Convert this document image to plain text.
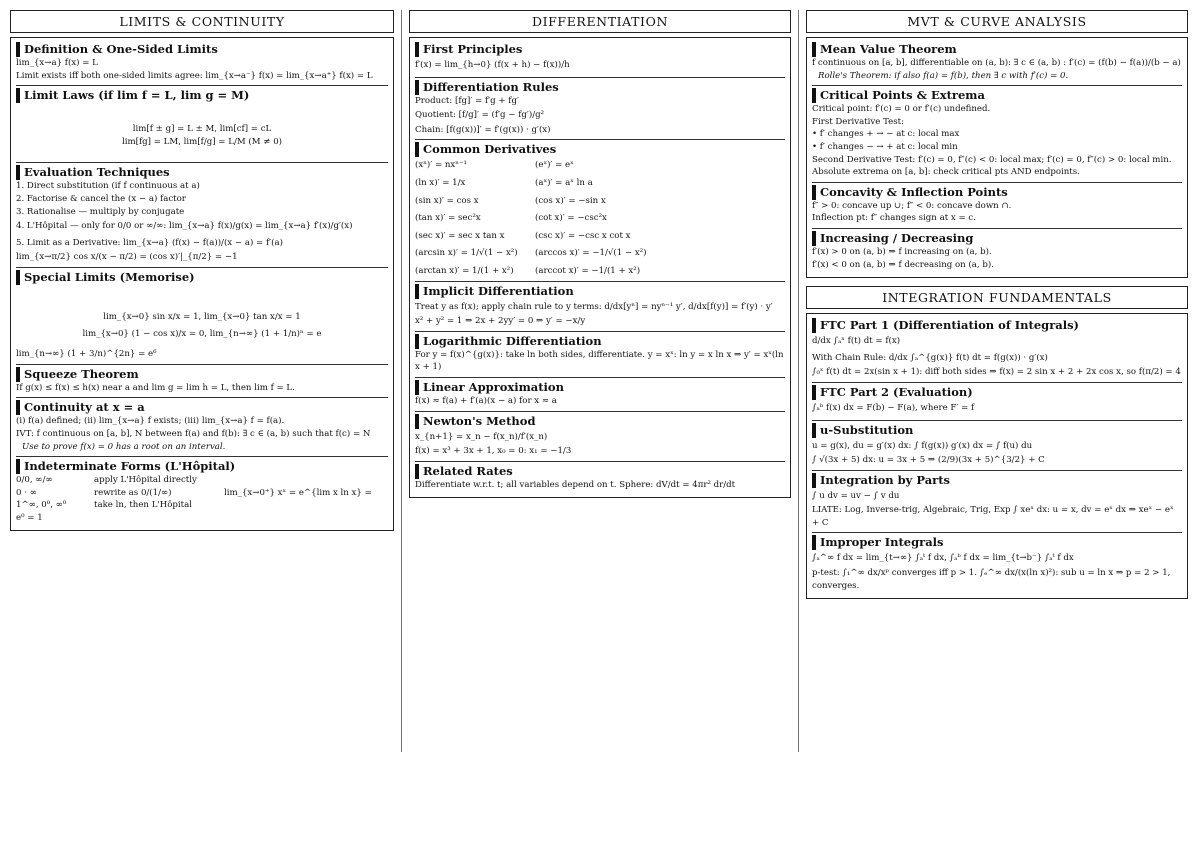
LIMITS & CONTINUITY
Definition & One-Sided Limits
lim_{x→a} f(x) = L
Limit exists iff both one-sided limits agree: lim_{x→a⁻} f(x) = lim_{x→a⁺} f(x) = L
Limit Laws (if lim f = L, lim g = M)
lim[f ± g] = L ± M, lim[cf] = cL
lim[fg] = LM, lim[f/g] = L/M (M ≠ 0)
Evaluation Techniques
1. Direct substitution (if f continuous at a)
2. Factorise & cancel the (x − a) factor
3. Rationalise — multiply by conjugate
4. L'Hôpital — only for 0/0 or ∞/∞: lim_{x→a} f(x)/g(x) = lim_{x→a} f′(x)/g′(x)
5. Limit as a Derivative: lim_{x→a} (f(x) − f(a))/(x − a) = f′(a)
lim_{x→π/2} cos x/(x − π/2) = (cos x)′|_{π/2} = −1
Special Limits (Memorise)
lim_{x→0} sin x/x = 1, lim_{x→0} tan x/x = 1
lim_{x→0} (1 − cos x)/x = 0, lim_{n→∞} (1 + 1/n)ⁿ = e
lim_{n→∞} (1 + 3/n)^{2n} = e⁶
Squeeze Theorem
If g(x) ≤ f(x) ≤ h(x) near a and lim g = lim h = L, then lim f = L.
Continuity at x = a
(i) f(a) defined; (ii) lim_{x→a} f exists; (iii) lim_{x→a} f = f(a).
IVT: f continuous on [a, b], N between f(a) and f(b): ∃ c ∈ (a, b) such that f(c) = N
Use to prove f(x) = 0 has a root on an interval.
Indeterminate Forms (L'Hôpital)
0/0, ∞/∞	apply L'Hôpital directly
0 · ∞	rewrite as 0/(1/∞)	lim_{x→0⁺} xˣ = e^{lim x ln x} =
1^∞, 0⁰, ∞⁰	take ln, then L'Hôpital
e⁰ = 1
DIFFERENTIATION
First Principles
f′(x) = lim_{h→0} (f(x + h) − f(x))/h
Differentiation Rules
Product: [fg]′ = f′g + fg′
Quotient: [f/g]′ = (f′g − fg′)/g²
Chain: [f(g(x))]′ = f′(g(x)) · g′(x)
Common Derivatives
(xⁿ)′ = nxⁿ⁻¹	(eˣ)′ = eˣ
(ln x)′ = 1/x	(aˣ)′ = aˣ ln a
(sin x)′ = cos x	(cos x)′ = −sin x
(tan x)′ = sec²x	(cot x)′ = −csc²x
(sec x)′ = sec x tan x	(csc x)′ = −csc x cot x
(arcsin x)′ = 1/√(1 − x²)	(arccos x)′ = −1/√(1 − x²)
(arctan x)′ = 1/(1 + x²)	(arccot x)′ = −1/(1 + x²)
Implicit Differentiation
Treat y as f(x); apply chain rule to y terms: d/dx[yⁿ] = nyⁿ⁻¹ y′, d/dx[f(y)] = f′(y) · y′
x² + y² = 1 ⇒ 2x + 2yy′ = 0 ⇒ y′ = −x/y
Logarithmic Differentiation
For y = f(x)^{g(x)}: take ln both sides, differentiate. y = xˣ: ln y = x ln x ⇒ y′ = xˣ(ln x + 1)
Linear Approximation
f(x) ≈ f(a) + f′(a)(x − a) for x ≈ a
Newton's Method
x_{n+1} = x_n − f(x_n)/f′(x_n)
f(x) = x³ + 3x + 1, x₀ = 0: x₁ = −1/3
Related Rates
Differentiate w.r.t. t; all variables depend on t. Sphere: dV/dt = 4πr² dr/dt
MVT & CURVE ANALYSIS
Mean Value Theorem
f continuous on [a, b], differentiable on (a, b): ∃ c ∈ (a, b) : f′(c) = (f(b) − f(a))/(b − a)
Rolle's Theorem: if also f(a) = f(b), then ∃ c with f′(c) = 0.
Critical Points & Extrema
Critical point: f′(c) = 0 or f′(c) undefined.
First Derivative Test:
• f′ changes + → − at c: local max
• f′ changes − → + at c: local min
Second Derivative Test: f′(c) = 0, f″(c) < 0: local max; f′(c) = 0, f″(c) > 0: local min. Absolute extrema on [a, b]: check critical pts AND endpoints.
Concavity & Inflection Points
f″ > 0: concave up ∪; f″ < 0: concave down ∩.
Inflection pt: f″ changes sign at x = c.
Increasing / Decreasing
f′(x) > 0 on (a, b) ⇒ f increasing on (a, b).
f′(x) < 0 on (a, b) ⇒ f decreasing on (a, b).
INTEGRATION FUNDAMENTALS
FTC Part 1 (Differentiation of Integrals)
d/dx ∫ₐˣ f(t) dt = f(x)
With Chain Rule: d/dx ∫ₐ^{g(x)} f(t) dt = f(g(x)) · g′(x)
∫₀ˣ f(t) dt = 2x(sin x + 1): diff both sides ⇒ f(x) = 2 sin x + 2 + 2x cos x, so f(π/2) = 4
FTC Part 2 (Evaluation)
∫ₐᵇ f(x) dx = F(b) − F(a), where F′ = f
u-Substitution
u = g(x), du = g′(x) dx: ∫ f(g(x)) g′(x) dx = ∫ f(u) du
∫ √(3x + 5) dx: u = 3x + 5 ⇒ (2/9)(3x + 5)^{3/2} + C
Integration by Parts
∫ u dv = uv − ∫ v du
LIATE: Log, Inverse-trig, Algebraic, Trig, Exp ∫ xeˣ dx: u = x, dv = eˣ dx ⇒ xeˣ − eˣ + C
Improper Integrals
∫ₐ^∞ f dx = lim_{t→∞} ∫ₐᵗ f dx, ∫ₐᵇ f dx = lim_{t→b⁻} ∫ₐᵗ f dx
p-test: ∫₁^∞ dx/xᵖ converges iff p > 1. ∫ₑ^∞ dx/(x(ln x)²): sub u = ln x ⇒ p = 2 > 1, converges.
